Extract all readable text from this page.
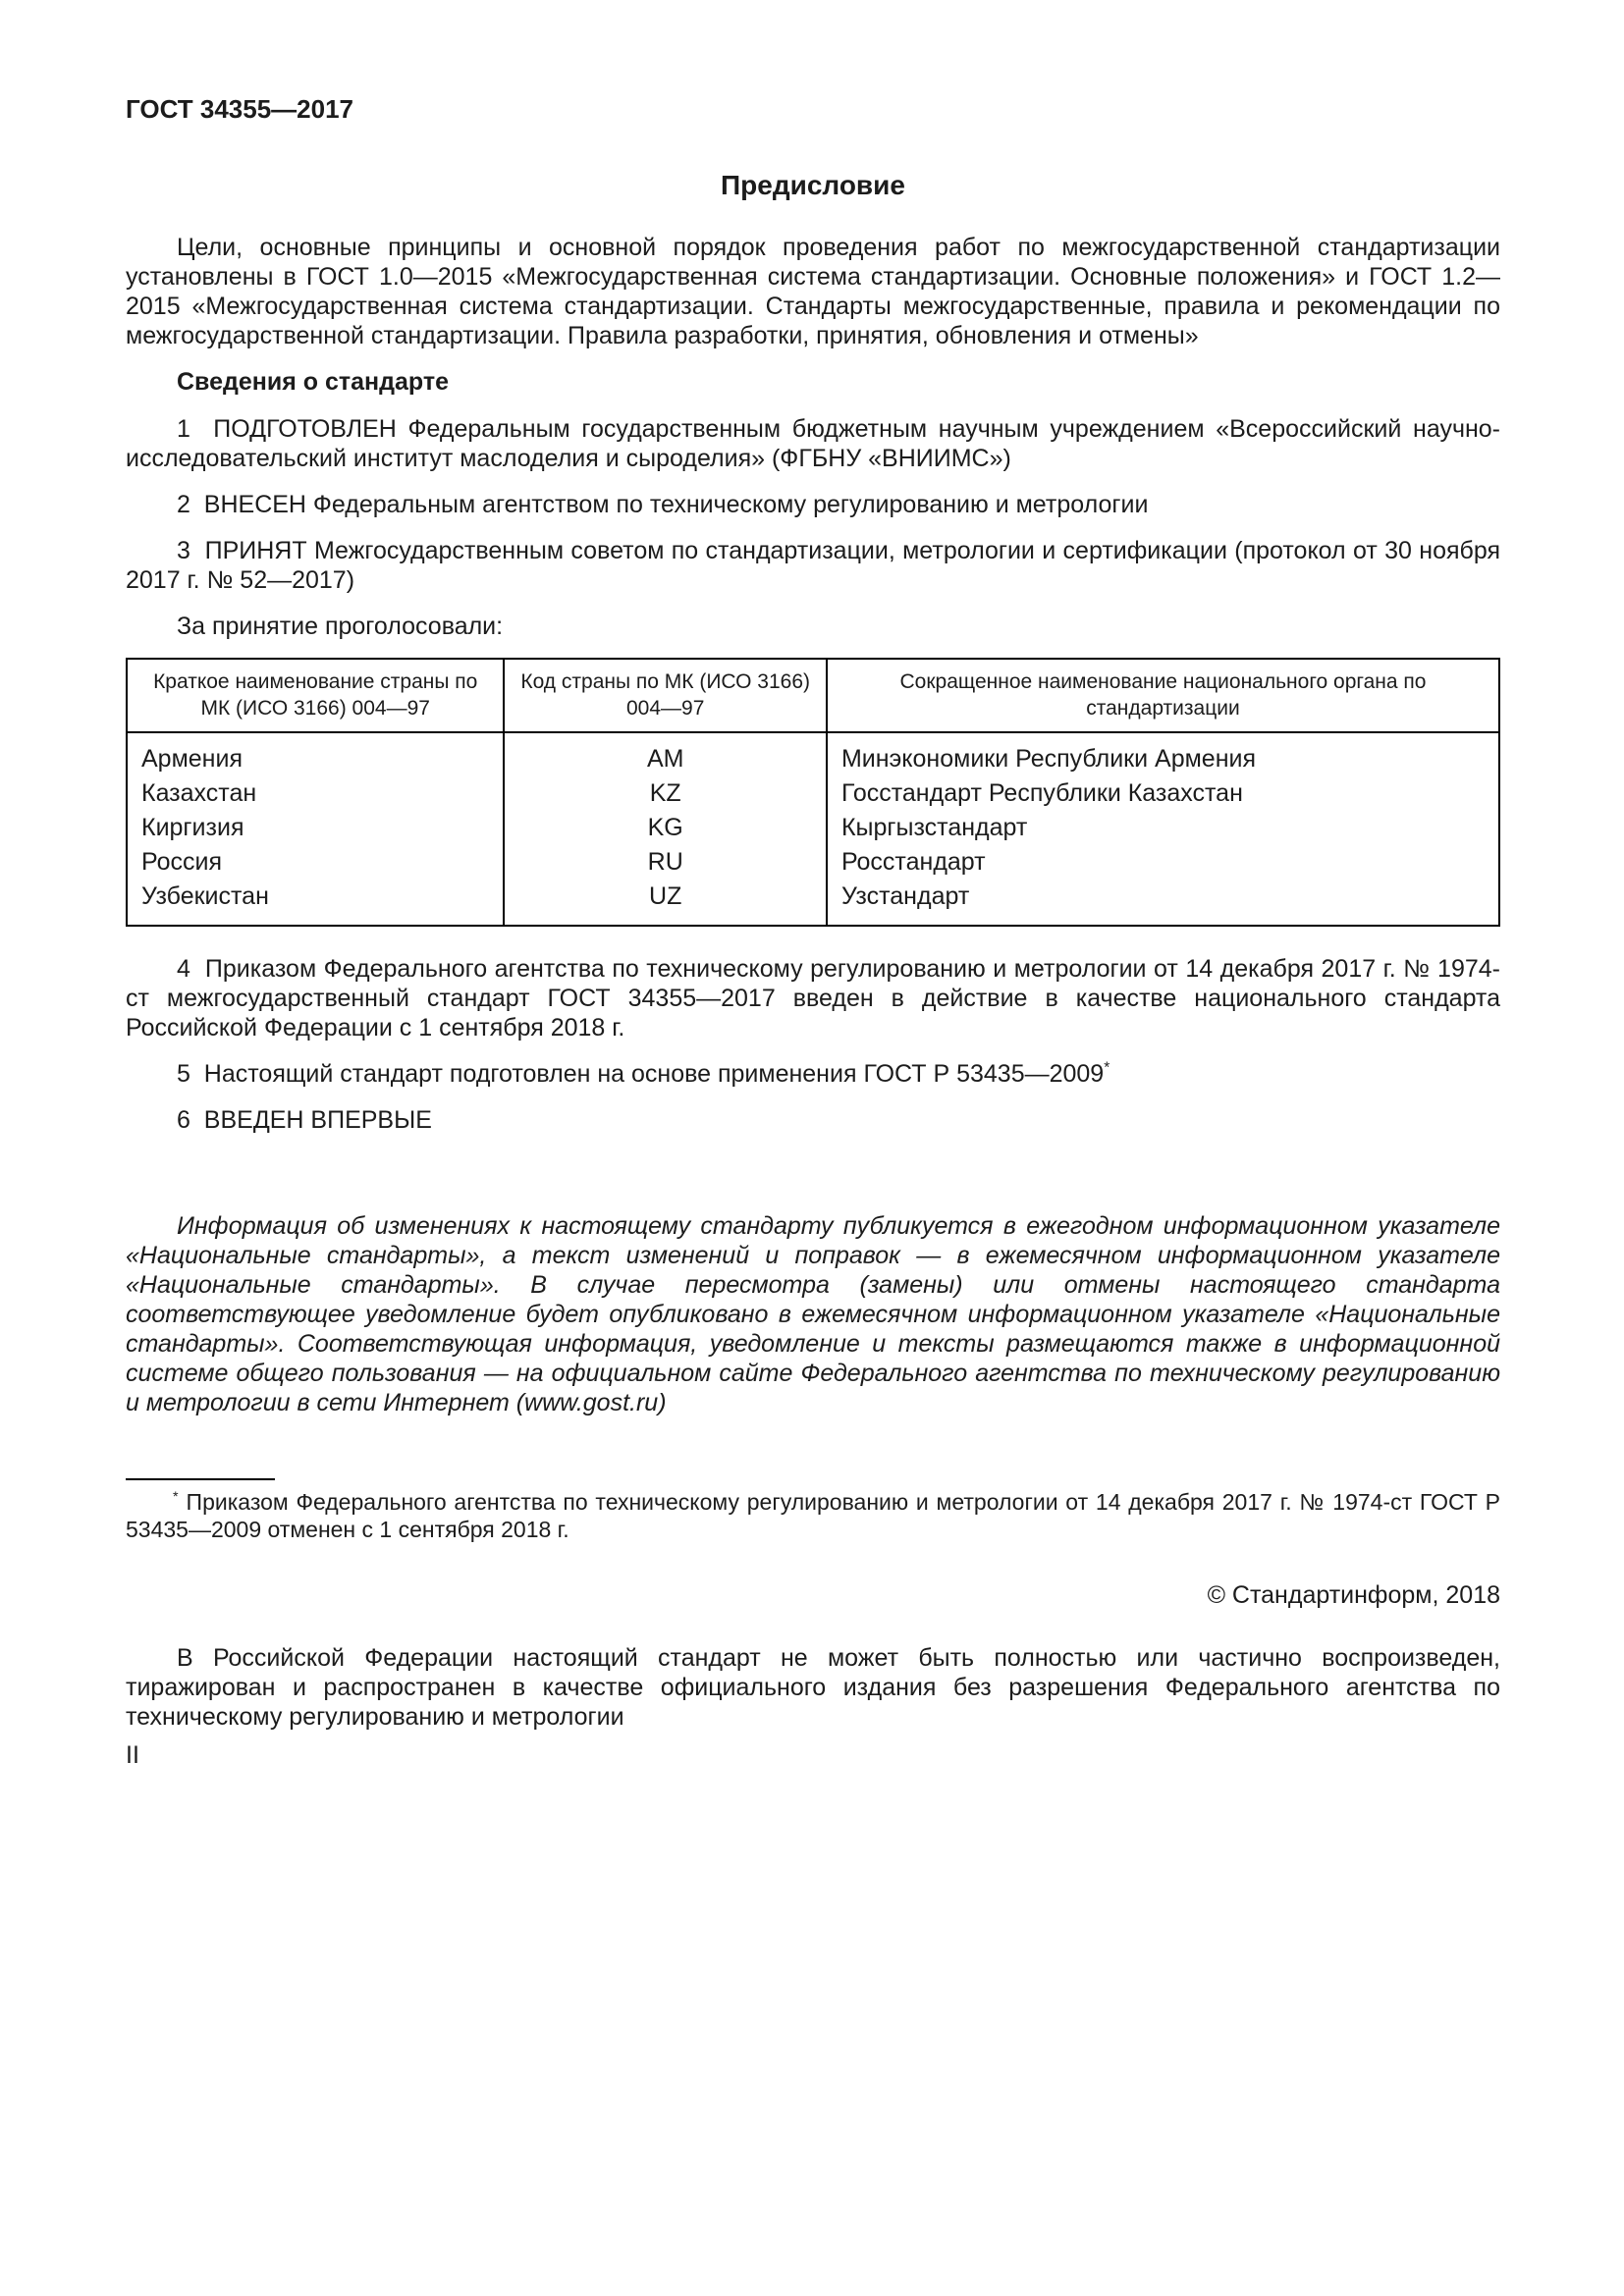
ГОСТ 34355—2017
Предисловие

Цели, основные принципы и основной порядок проведения работ по межгосударственной стандартизации установлены в ГОСТ 1.0—2015 «Межгосударственная система стандартизации. Основные положения» и ГОСТ 1.2—2015 «Межгосударственная система стандартизации. Стандарты межгосударственные, правила и рекомендации по межгосударственной стандартизации. Правила разработки, принятия, обновления и отмены»

Сведения о стандарте

1  ПОДГОТОВЛЕН Федеральным государственным бюджетным научным учреждением «Всероссийский научно-исследовательский институт маслоделия и сыроделия» (ФГБНУ «ВНИИМС»)

2  ВНЕСЕН Федеральным агентством по техническому регулированию и метрологии

3  ПРИНЯТ Межгосударственным советом по стандартизации, метрологии и сертификации (протокол от 30 ноября 2017 г. № 52—2017)

За принятие проголосовали:

Краткое наименование страны по МК (ИСО 3166) 004—97	Код страны по МК (ИСО 3166) 004—97	Сокращенное наименование национального органа по стандартизации
Армения	AM	Минэкономики Республики Армения
Казахстан	KZ	Госстандарт Республики Казахстан
Киргизия	KG	Кыргызстандарт
Россия	RU	Росстандарт
Узбекистан	UZ	Узстандарт

4  Приказом Федерального агентства по техническому регулированию и метрологии от 14 декабря 2017 г. № 1974-ст межгосударственный стандарт ГОСТ 34355—2017 введен в действие в качестве национального стандарта Российской Федерации с 1 сентября 2018 г.

5  Настоящий стандарт подготовлен на основе применения ГОСТ Р 53435—2009*

6  ВВЕДЕН ВПЕРВЫЕ

Информация об изменениях к настоящему стандарту публикуется в ежегодном информационном указателе «Национальные стандарты», а текст изменений и поправок — в ежемесячном информационном указателе «Национальные стандарты». В случае пересмотра (замены) или отмены настоящего стандарта соответствующее уведомление будет опубликовано в ежемесячном информационном указателе «Национальные стандарты». Соответствующая информация, уведомление и тексты размещаются также в информационной системе общего пользования — на официальном сайте Федерального агентства по техническому регулированию и метрологии в сети Интернет (www.gost.ru)

* Приказом Федерального агентства по техническому регулированию и метрологии от 14 декабря 2017 г. № 1974-ст ГОСТ Р 53435—2009 отменен с 1 сентября 2018 г.

© Стандартинформ, 2018

В Российской Федерации настоящий стандарт не может быть полностью или частично воспроизведен, тиражирован и распространен в качестве официального издания без разрешения Федерального агентства по техническому регулированию и метрологии

II
